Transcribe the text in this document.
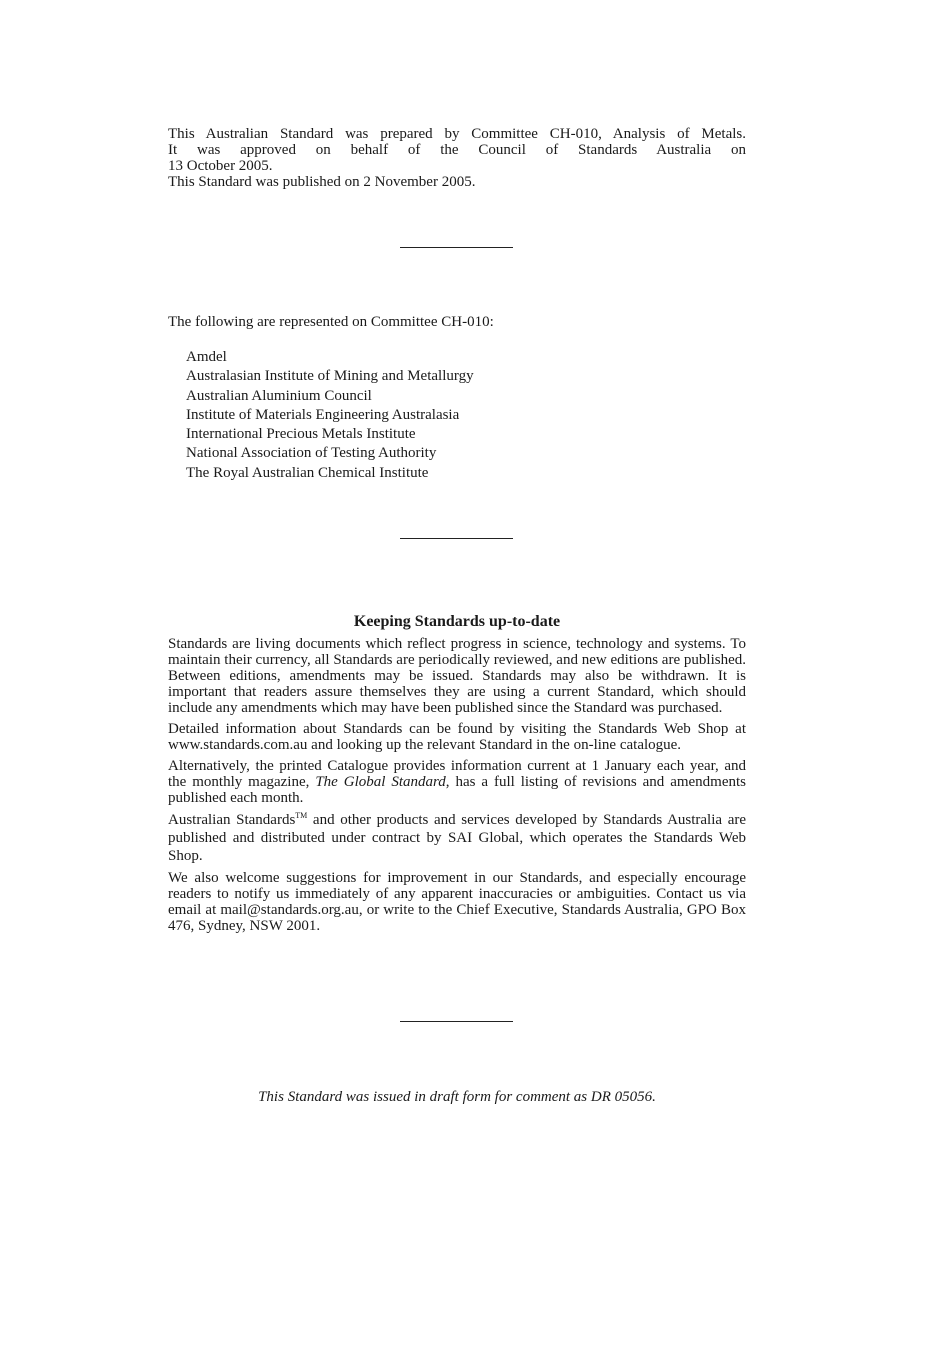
This Australian Standard was prepared by Committee CH-010, Analysis of Metals.
It was approved on behalf of the Council of Standards Australia on
13 October 2005.
This Standard was published on 2 November 2005.
The following are represented on Committee CH-010:
Amdel
Australasian Institute of Mining and Metallurgy
Australian Aluminium Council
Institute of Materials Engineering Australasia
International Precious Metals Institute
National Association of Testing Authority
The Royal Australian Chemical Institute
Keeping Standards up-to-date

Standards are living documents which reflect progress in science, technology and systems. To maintain their currency, all Standards are periodically reviewed, and new editions are published. Between editions, amendments may be issued. Standards may also be withdrawn. It is important that readers assure themselves they are using a current Standard, which should include any amendments which may have been published since the Standard was purchased.

Detailed information about Standards can be found by visiting the Standards Web Shop at www.standards.com.au and looking up the relevant Standard in the on-line catalogue.

Alternatively, the printed Catalogue provides information current at 1 January each year, and the monthly magazine, The Global Standard, has a full listing of revisions and amendments published each month.

Australian Standards™ and other products and services developed by Standards Australia are published and distributed under contract by SAI Global, which operates the Standards Web Shop.

We also welcome suggestions for improvement in our Standards, and especially encourage readers to notify us immediately of any apparent inaccuracies or ambiguities. Contact us via email at mail@standards.org.au, or write to the Chief Executive, Standards Australia, GPO Box 476, Sydney, NSW 2001.

This Standard was issued in draft form for comment as DR 05056.
